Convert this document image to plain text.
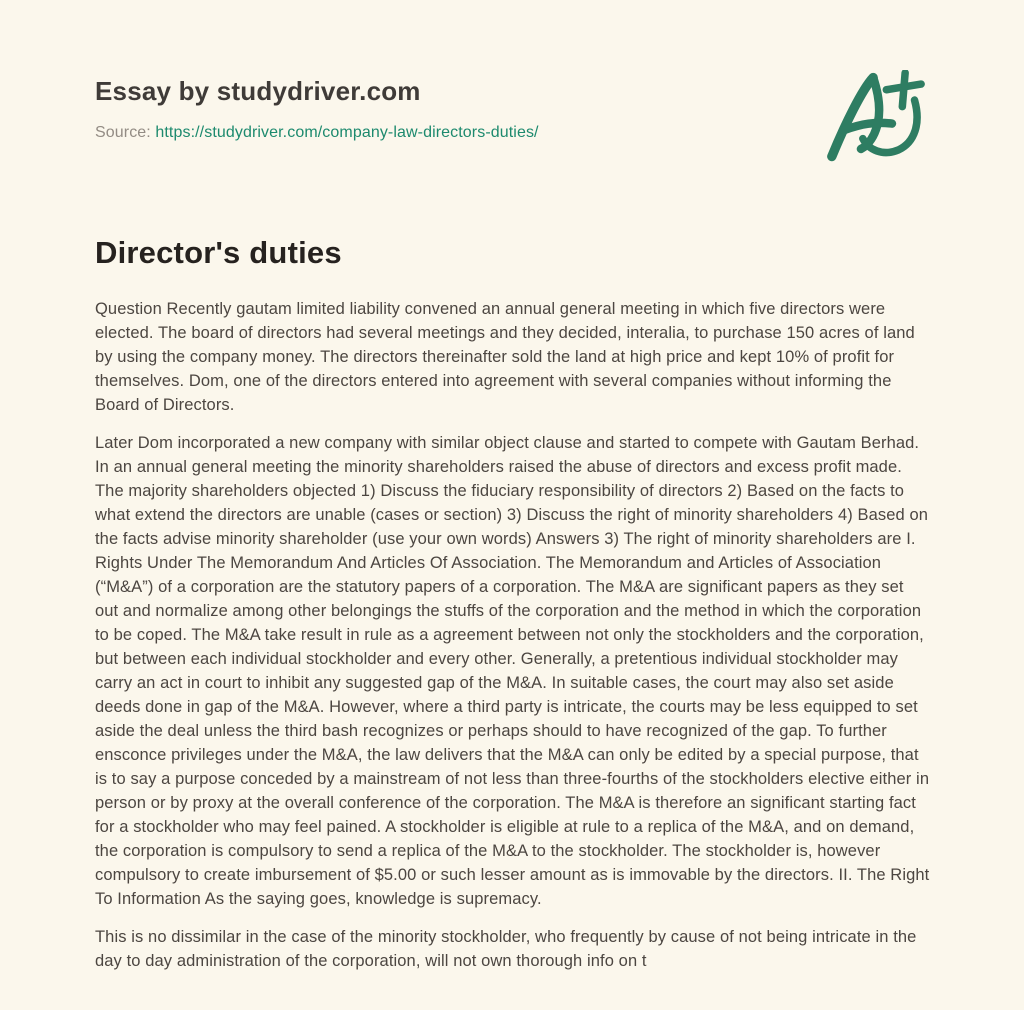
Essay by studydriver.com
Source: https://studydriver.com/company-law-directors-duties/
Director's duties

Question Recently gautam limited liability convened an annual general meeting in which five directors were elected. The board of directors had several meetings and they decided, interalia, to purchase 150 acres of land by using the company money. The directors thereinafter sold the land at high price and kept 10% of profit for themselves. Dom, one of the directors entered into agreement with several companies without informing the Board of Directors.

Later Dom incorporated a new company with similar object clause and started to compete with Gautam Berhad. In an annual general meeting the minority shareholders raised the abuse of directors and excess profit made. The majority shareholders objected 1) Discuss the fiduciary responsibility of directors 2) Based on the facts to what extend the directors are unable (cases or section) 3) Discuss the right of minority shareholders 4) Based on the facts advise minority shareholder (use your own words) Answers 3) The right of minority shareholders are I. Rights Under The Memorandum And Articles Of Association. The Memorandum and Articles of Association (“M&A”) of a corporation are the statutory papers of a corporation. The M&A are significant papers as they set out and normalize among other belongings the stuffs of the corporation and the method in which the corporation to be coped. The M&A take result in rule as a agreement between not only the stockholders and the corporation, but between each individual stockholder and every other. Generally, a pretentious individual stockholder may carry an act in court to inhibit any suggested gap of the M&A. In suitable cases, the court may also set aside deeds done in gap of the M&A. However, where a third party is intricate, the courts may be less equipped to set aside the deal unless the third bash recognizes or perhaps should to have recognized of the gap. To further ensconce privileges under the M&A, the law delivers that the M&A can only be edited by a special purpose, that is to say a purpose conceded by a mainstream of not less than three-fourths of the stockholders elective either in person or by proxy at the overall conference of the corporation. The M&A is therefore an significant starting fact for a stockholder who may feel pained. A stockholder is eligible at rule to a replica of the M&A, and on demand, the corporation is compulsory to send a replica of the M&A to the stockholder. The stockholder is, however compulsory to create imbursement of $5.00 or such lesser amount as is immovable by the directors. II. The Right To Information As the saying goes, knowledge is supremacy.

This is no dissimilar in the case of the minority stockholder, who frequently by cause of not being intricate in the day to day administration of the corporation, will not own thorough info on t
